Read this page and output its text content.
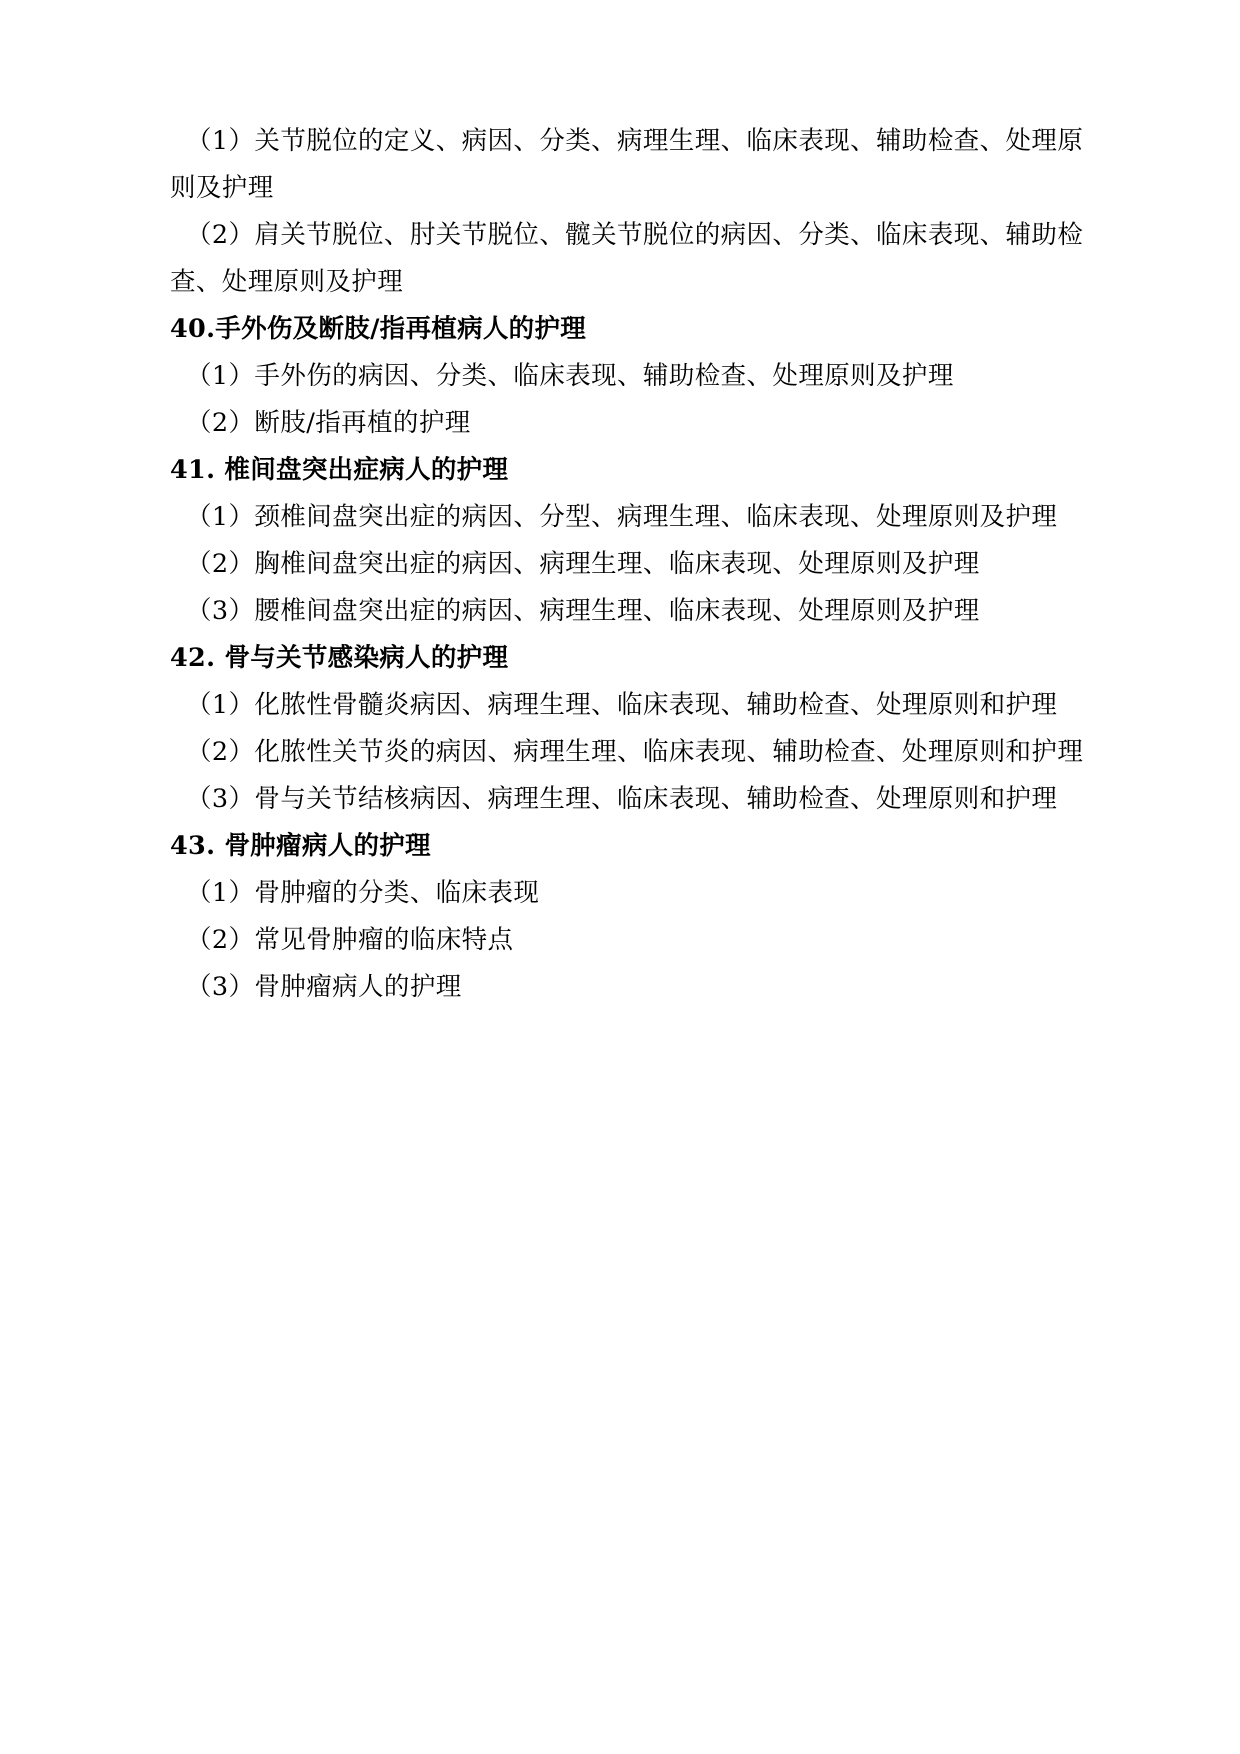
（1）关节脱位的定义、病因、分类、病理生理、临床表现、辅助检查、处理原
则及护理
（2）肩关节脱位、肘关节脱位、髋关节脱位的病因、分类、临床表现、辅助检
查、处理原则及护理
40.手外伤及断肢/指再植病人的护理
（1）手外伤的病因、分类、临床表现、辅助检查、处理原则及护理
（2）断肢/指再植的护理
41. 椎间盘突出症病人的护理
（1）颈椎间盘突出症的病因、分型、病理生理、临床表现、处理原则及护理
（2）胸椎间盘突出症的病因、病理生理、临床表现、处理原则及护理
（3）腰椎间盘突出症的病因、病理生理、临床表现、处理原则及护理
42. 骨与关节感染病人的护理
（1）化脓性骨髓炎病因、病理生理、临床表现、辅助检查、处理原则和护理
（2）化脓性关节炎的病因、病理生理、临床表现、辅助检查、处理原则和护理
（3）骨与关节结核病因、病理生理、临床表现、辅助检查、处理原则和护理
43. 骨肿瘤病人的护理
（1）骨肿瘤的分类、临床表现
（2）常见骨肿瘤的临床特点
（3）骨肿瘤病人的护理
